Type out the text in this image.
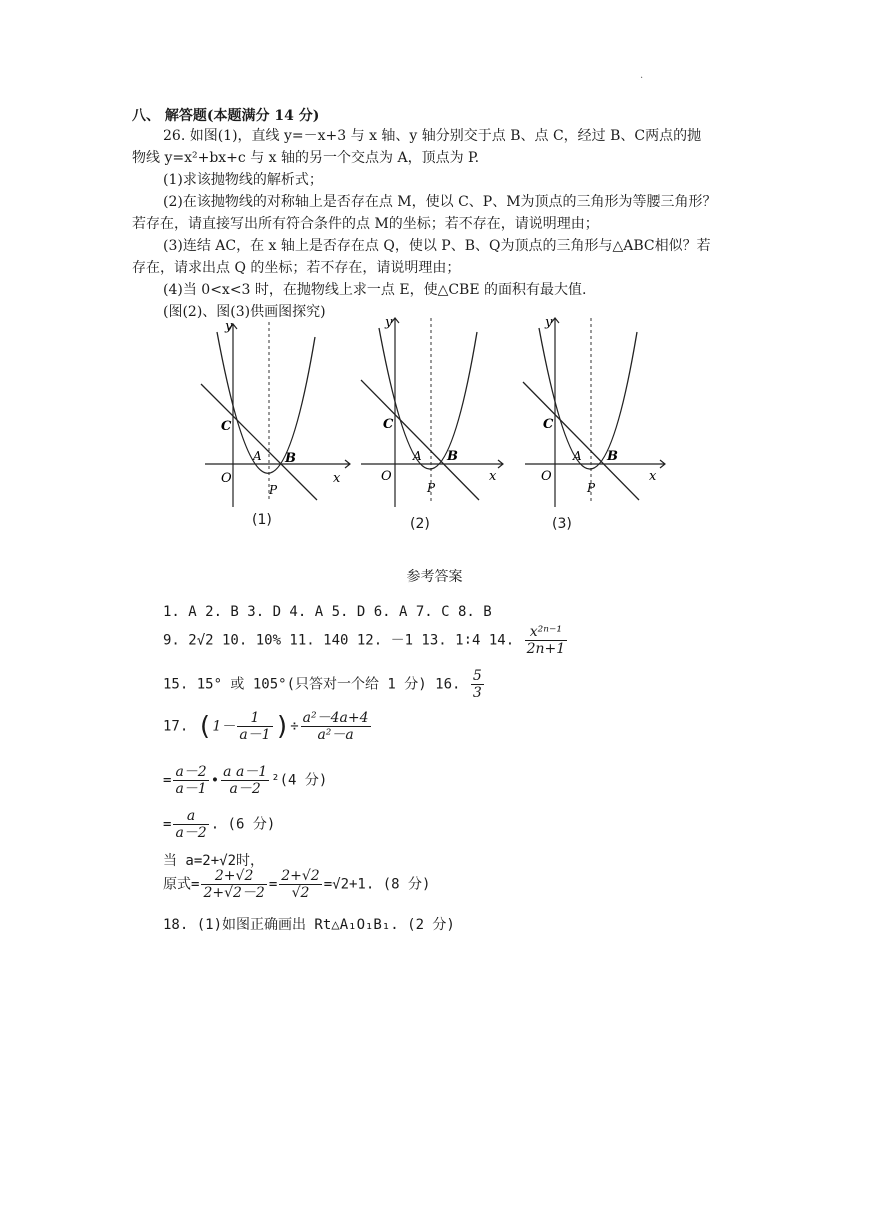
.
八、 解答题(本题满分 14 分)
26. 如图(1)，直线 y=－x+3 与 x 轴、y 轴分别交于点 B、点 C，经过 B、C两点的抛
物线 y=x²+bx+c 与 x 轴的另一个交点为 A，顶点为 P.
(1)求该抛物线的解析式；
(2)在该抛物线的对称轴上是否存在点 M，使以 C、P、M为顶点的三角形为等腰三角形？
若存在，请直接写出所有符合条件的点 M的坐标；若不存在，请说明理由；
(3)连结 AC，在 x 轴上是否存在点 Q，使以 P、B、Q为顶点的三角形与△ABC相似？若
存在，请求出点 Q 的坐标；若不存在，请说明理由；
(4)当 0<x<3 时，在抛物线上求一点 E，使△CBE 的面积有最大值.
(图(2)、图(3)供画图探究)
y
x
O
C
A B
P
(1)
y
x
O
C
A B
P
(2)
y
x
O
C
A B
P
(3)
参考答案
1. A 2. B 3. D 4. A 5. D 6. A 7. C 8. B
9. 2√2 10. 10% 11. 140 12. －1 13. 1∶4 14. $\frac{\text{x²ⁿ⁻¹}}{2n+1}$
15. 15° 或 105°(只答对一个给 1 分) 16. $\frac{5}{3}$
17. ($1- \frac{1}{a-1}$ )÷ $\frac{\text{a²－4a+4}}{\text{a²－a}}$
= $\frac{a-2}{a-1}$ • $\frac{\text{a a－1}}{a-2} ^2(4$ 分)
= $\frac{a}{a-2}$ . (6 分)
当 a=2+√2时，
原式= $\frac{2+√2}{2+√2-2} = \frac{2+√2}{√2} =√2+1$. (8 分)
18. (1)如图正确画出 Rt△A₁O₁B₁. (2 分)
